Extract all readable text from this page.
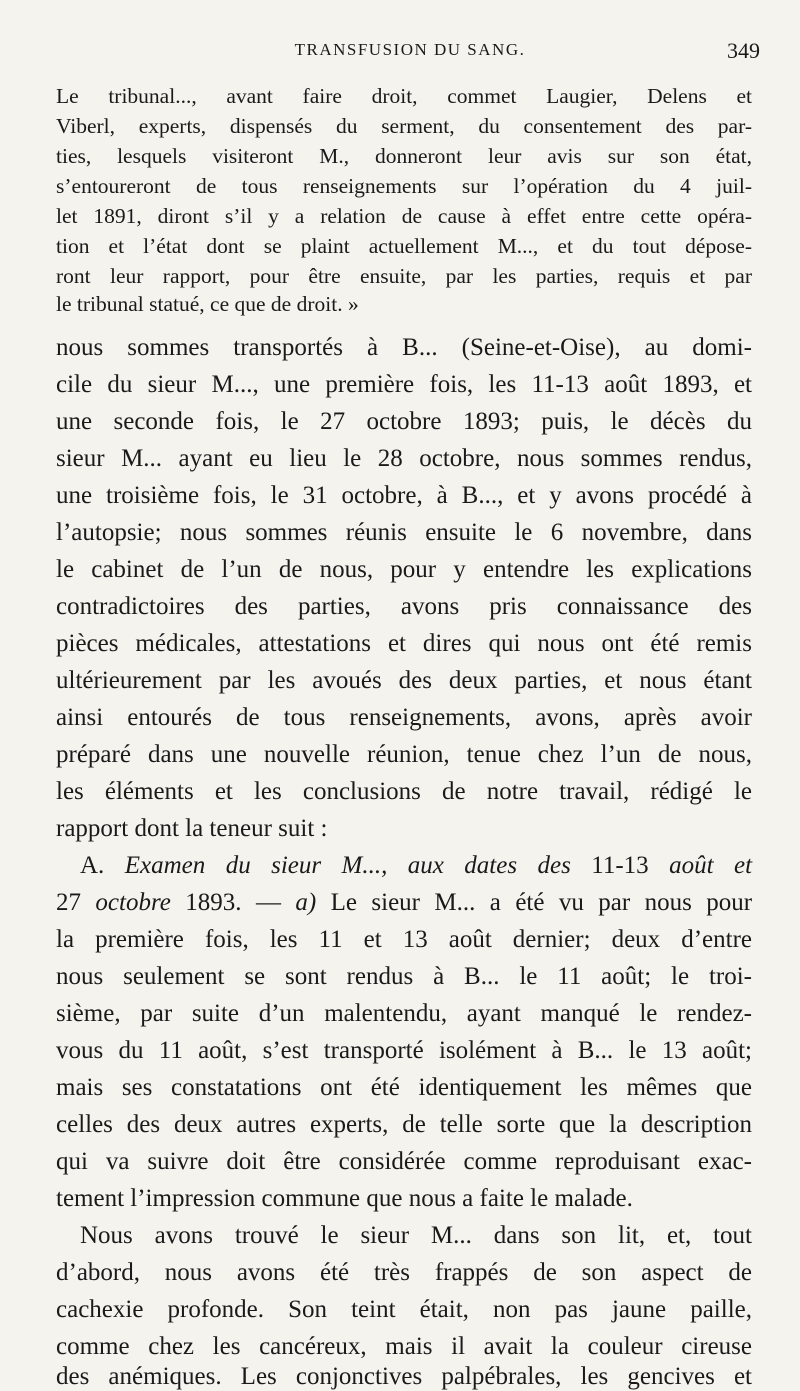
TRANSFUSION DU SANG.	349
Le tribunal..., avant faire droit, commet Laugier, Delens et
Viberl, experts, dispensés du serment, du consentement des par-
ties, lesquels visiteront M., donneront leur avis sur son état,
s’entoureront de tous renseignements sur l’opération du 4 juil-
let 1891, diront s’il y a relation de cause à effet entre cette opéra-
tion et l’état dont se plaint actuellement M..., et du tout dépose-
ront leur rapport, pour être ensuite, par les parties, requis et par
le tribunal statué, ce que de droit. »
nous sommes transportés à B... (Seine-et-Oise), au domi-
cile du sieur M..., une première fois, les 11-13 août 1893, et
une seconde fois, le 27 octobre 1893; puis, le décès du
sieur M... ayant eu lieu le 28 octobre, nous sommes rendus,
une troisième fois, le 31 octobre, à B..., et y avons procédé à
l’autopsie; nous sommes réunis ensuite le 6 novembre, dans
le cabinet de l’un de nous, pour y entendre les explications
contradictoires des parties, avons pris connaissance des
pièces médicales, attestations et dires qui nous ont été remis
ultérieurement par les avoués des deux parties, et nous étant
ainsi entourés de tous renseignements, avons, après avoir
préparé dans une nouvelle réunion, tenue chez l’un de nous,
les éléments et les conclusions de notre travail, rédigé le
rapport dont la teneur suit :
A. Examen du sieur M..., aux dates des 11-13 août et
27 octobre 1893. — a) Le sieur M... a été vu par nous pour
la première fois, les 11 et 13 août dernier; deux d’entre
nous seulement se sont rendus à B... le 11 août; le troi-
sième, par suite d’un malentendu, ayant manqué le rendez-
vous du 11 août, s’est transporté isolément à B... le 13 août;
mais ses constatations ont été identiquement les mêmes que
celles des deux autres experts, de telle sorte que la description
qui va suivre doit être considérée comme reproduisant exac-
tement l’impression commune que nous a faite le malade.
Nous avons trouvé le sieur M... dans son lit, et, tout
d’abord, nous avons été très frappés de son aspect de
cachexie profonde. Son teint était, non pas jaune paille,
comme chez les cancéreux, mais il avait la couleur cireuse
des anémiques. Les conjonctives palpébrales, les gencives et
